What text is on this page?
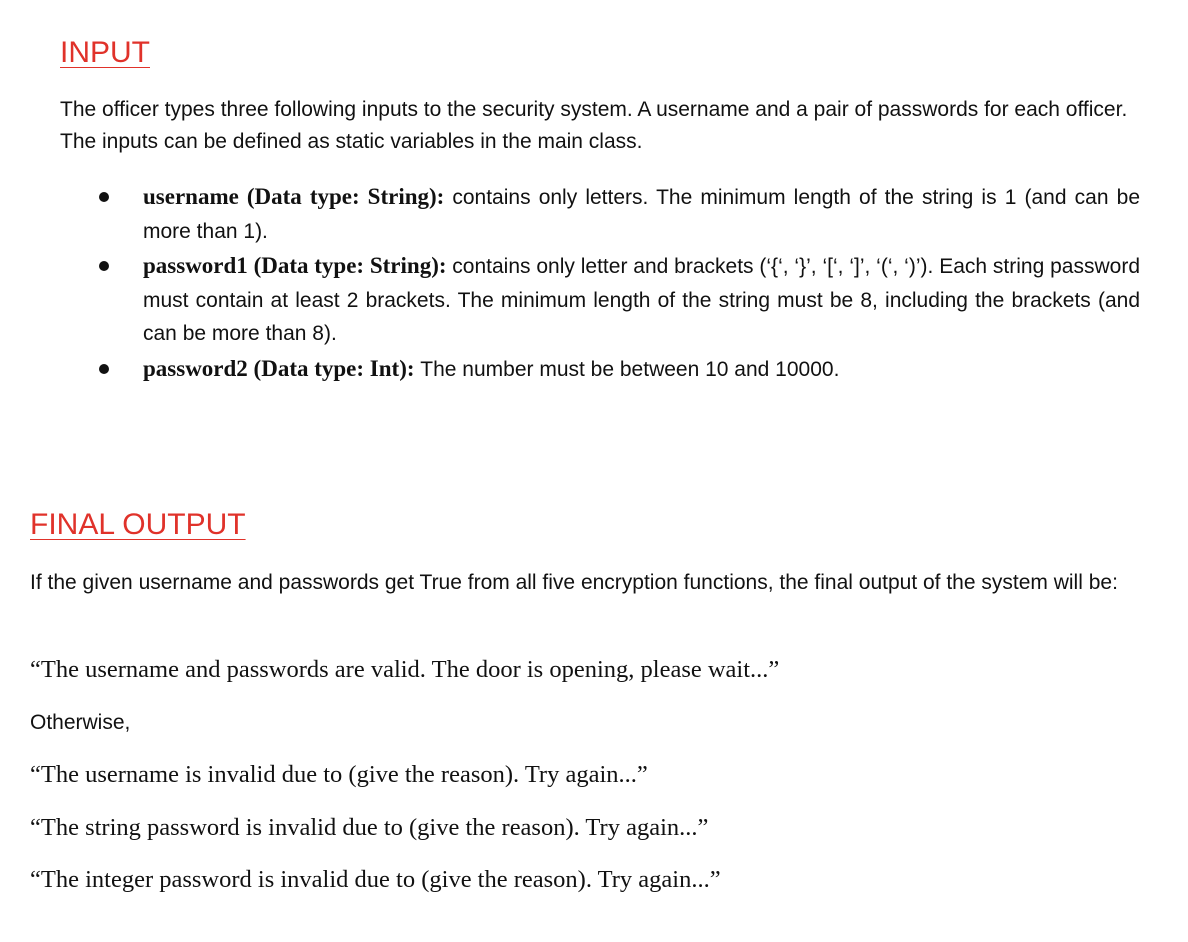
INPUT

The officer types three following inputs to the security system. A username and a pair of passwords for each officer. The inputs can be defined as static variables in the main class.

username (Data type: String): contains only letters. The minimum length of the string is 1 (and can be more than 1).
password1 (Data type: String): contains only letter and brackets (‘{‘, ‘}’, ‘[‘, ‘]’, ‘(‘, ‘)’). Each string password must contain at least 2 brackets. The minimum length of the string must be 8, including the brackets (and can be more than 8).
password2 (Data type: Int): The number must be between 10 and 10000.
FINAL OUTPUT

If the given username and passwords get True from all five encryption functions, the final output of the system will be:

“The username and passwords are valid. The door is opening, please wait...”

Otherwise,

“The username is invalid due to (give the reason). Try again...”

“The string password is invalid due to (give the reason). Try again...”

“The integer password is invalid due to (give the reason). Try again...”
